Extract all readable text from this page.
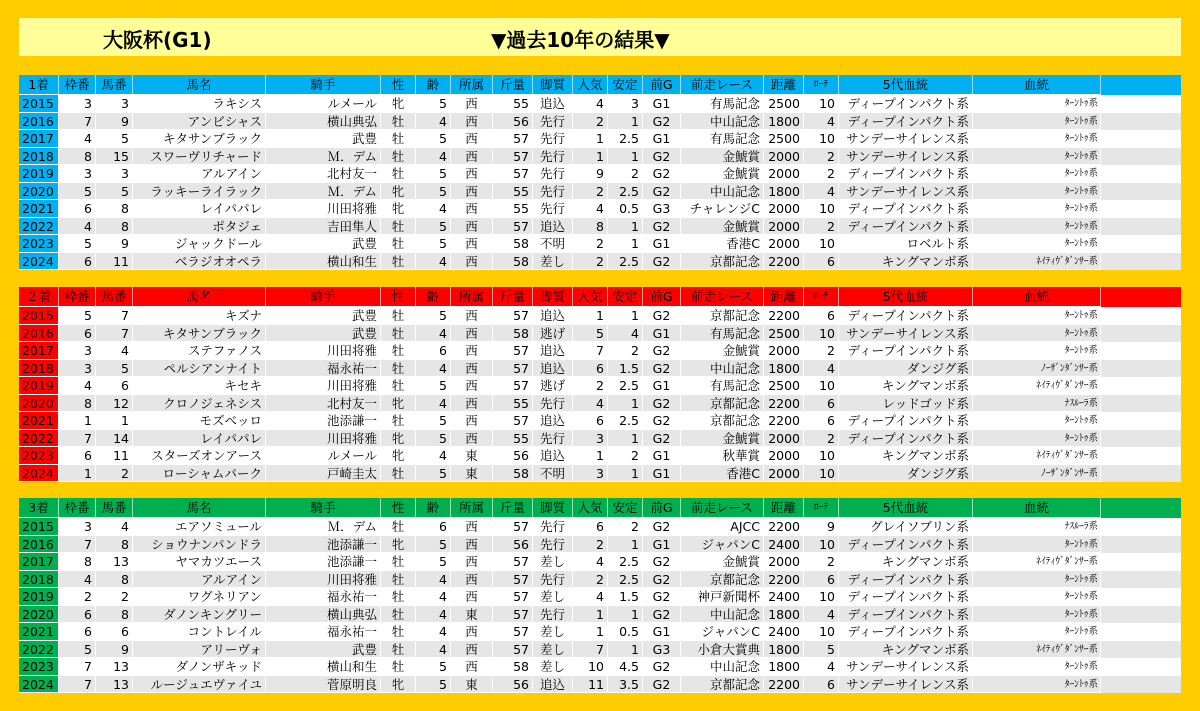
大阪杯(G1)	▼過去10年の結果▼
1着	枠番 馬番	馬名	騎手	性	齢	所属	斤量	脚質 人気 安定	前G	前走レース	距離	ﾛｰﾃ	5代血統	血統
2015	3	3	ラキシス	ルメール	牝	5	西	55 追込	4	3	G1	有馬記念 2500	10	ディープインパクト系	ﾀｰﾝﾄｩ系
2016	7	9	アンビシャス	横山典弘	牡	4	西	56 先行	2	1	G2	中山記念 1800	4	ディープインパクト系	ﾀｰﾝﾄｩ系
2017	4	5	キタサンブラック	武豊	牡	5	西	57 先行	1	2.5	G1	有馬記念 2500	10 サンデーサイレンス系	ﾀｰﾝﾄｩ系
2018	8	15	スワーヴリチャード	Ｍ．デム	牡	4	西	57 先行	1	1	G2	金鯱賞 2000	2 サンデーサイレンス系	ﾀｰﾝﾄｩ系
2019	3	3	アルアイン	北村友一	牡	5	西	57 先行	9	2	G2	金鯱賞 2000	2	ディープインパクト系	ﾀｰﾝﾄｩ系
2020	5	5	ラッキーライラック	Ｍ．デム	牝	5	西	55 先行	2	2.5	G2	中山記念 1800	4 サンデーサイレンス系	ﾀｰﾝﾄｩ系
2021	6	8	レイパパレ	川田将雅	牝	4	西	55 先行	4	0.5	G3	チャレンジC 2000	10	ディープインパクト系	ﾀｰﾝﾄｩ系
2022	4	8	ポタジェ	吉田隼人	牡	5	西	57 追込	8	1	G2	金鯱賞 2000	2	ディープインパクト系	ﾀｰﾝﾄｩ系
2023	5	9	ジャックドール	武豊	牡	5	西	58 不明	2	1	G1	香港C 2000	10	ロベルト系	ﾀｰﾝﾄｩ系
2024	6	11	ベラジオオペラ	横山和生	牡	4	西	58 差し	2	2.5	G2	京都記念 2200	6	キングマンボ系	ﾈｲﾃｨｳﾞﾀﾞﾝｻｰ系
２着	枠番 馬番	馬名	騎手	性	齢	所属	斤量	脚質 人気 安定	前G	前走レース	距離	ﾛｰﾃ	5代血統	血統
2015	5	7	キズナ	武豊	牡	5	西	57 追込	1	1	G2	京都記念 2200	6	ディープインパクト系	ﾀｰﾝﾄｩ系
2016	6	7	キタサンブラック	武豊	牡	4	西	58 逃げ	5	4	G1	有馬記念 2500	10 サンデーサイレンス系	ﾀｰﾝﾄｩ系
2017	3	4	ステファノス	川田将雅	牡	6	西	57 追込	7	2	G2	金鯱賞 2000	2	ディープインパクト系	ﾀｰﾝﾄｩ系
2018	3	5	ペルシアンナイト	福永祐一	牡	4	西	57 追込	6	1.5	G2	中山記念 1800	4	ダンジグ系	ﾉｰｻﾞﾝﾀﾞﾝｻｰ系
2019	4	6	キセキ	川田将雅	牡	5	西	57 逃げ	2	2.5	G1	有馬記念 2500	10	キングマンボ系	ﾈｲﾃｨｳﾞﾀﾞﾝｻｰ系
2020	8	12	クロノジェネシス	北村友一	牝	4	西	55 先行	4	1	G2	京都記念 2200	6	レッドゴッド系	ﾅｽﾙｰﾗ系
2021	1	1	モズベッロ	池添謙一	牡	5	西	57 追込	6	2.5	G2	京都記念 2200	6	ディープインパクト系	ﾀｰﾝﾄｩ系
2022	7	14	レイパパレ	川田将雅	牝	5	西	55 先行	3	1	G2	金鯱賞 2000	2	ディープインパクト系	ﾀｰﾝﾄｩ系
2023	6	11	スターズオンアース	ルメール	牝	4	東	56 追込	1	2	G1	秋華賞 2000	10	キングマンボ系	ﾈｲﾃｨｳﾞﾀﾞﾝｻｰ系
2024	1	2	ローシャムパーク	戸崎圭太	牡	5	東	58 不明	3	1	G1	香港C 2000	10	ダンジグ系	ﾉｰｻﾞﾝﾀﾞﾝｻｰ系
3着	枠番 馬番	馬名	騎手	性	齢	所属	斤量	脚質 人気 安定	前G	前走レース	距離	ﾛｰﾃ	5代血統	血統
2015	3	4	エアソミュール	Ｍ．デム	牡	6	西	57 先行	6	2	G2	AJCC 2200	9	グレイソブリン系	ﾅｽﾙｰﾗ系
2016	7	8	ショウナンパンドラ	池添謙一	牝	5	西	56 先行	2	1	G1	ジャパンC 2400	10	ディープインパクト系	ﾀｰﾝﾄｩ系
2017	8	13	ヤマカツエース	池添謙一	牡	5	西	57 差し	4	2.5	G2	金鯱賞 2000	2	キングマンボ系	ﾈｲﾃｨｳﾞﾀﾞﾝｻｰ系
2018	4	8	アルアイン	川田将雅	牡	4	西	57 先行	2	2.5	G2	京都記念 2200	6	ディープインパクト系	ﾀｰﾝﾄｩ系
2019	2	2	ワグネリアン	福永祐一	牡	4	西	57 差し	4	1.5	G2	神戸新聞杯 2400	10	ディープインパクト系	ﾀｰﾝﾄｩ系
2020	6	8	ダノンキングリー	横山典弘	牡	4	東	57 先行	1	1	G2	中山記念 1800	4	ディープインパクト系	ﾀｰﾝﾄｩ系
2021	6	6	コントレイル	福永祐一	牡	4	西	57 差し	1	0.5	G1	ジャパンC 2400	10	ディープインパクト系	ﾀｰﾝﾄｩ系
2022	5	9	アリーヴォ	武豊	牡	4	西	57 差し	7	1	G3	小倉大賞典 1800	5	キングマンボ系	ﾈｲﾃｨｳﾞﾀﾞﾝｻｰ系
2023	7	13	ダノンザキッド	横山和生	牡	5	西	58 差し	10	4.5	G2	中山記念 1800	4 サンデーサイレンス系	ﾀｰﾝﾄｩ系
2024	7	13	ルージュエヴァイユ	菅原明良	牝	5	東	56 追込	11	3.5	G2	京都記念 2200	6 サンデーサイレンス系	ﾀｰﾝﾄｩ系
